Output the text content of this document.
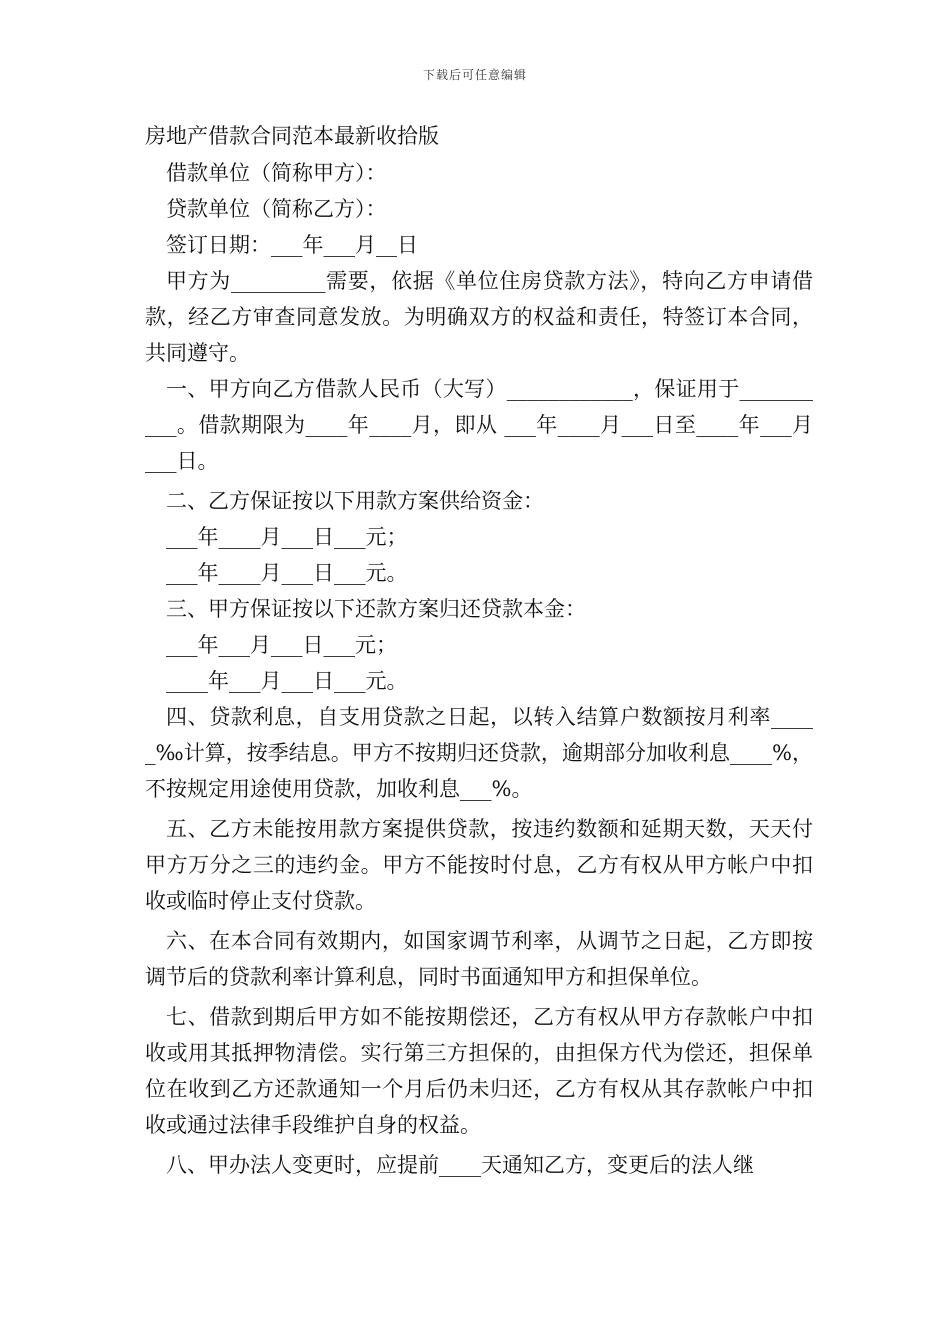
下载后可任意编辑

房地产借款合同范本最新收拾版

借款单位（简称甲方）：

贷款单位（简称乙方）：

签订日期：___年___月__日

甲方为_________需要，依据《单位住房贷款方法》，特向乙方申请借款，经乙方审查同意发放。为明确双方的权益和责任，特签订本合同，共同遵守。

一、甲方向乙方借款人民币（大写）____________，保证用于__________。借款期限为____年____月，即从 ___年____月___日至____年___月___日。

二、乙方保证按以下用款方案供给资金：

___年____月___日___元；

___年____月___日___元。

三、甲方保证按以下还款方案归还贷款本金：

___年___月___日___元；

____年___月___日___元。

四、贷款利息，自支用贷款之日起，以转入结算户数额按月利率_____‰计算，按季结息。甲方不按期归还贷款，逾期部分加收利息____%，不按规定用途使用贷款，加收利息___%。

五、乙方未能按用款方案提供贷款，按违约数额和延期天数，天天付甲方万分之三的违约金。甲方不能按时付息，乙方有权从甲方帐户中扣收或临时停止支付贷款。

六、在本合同有效期内，如国家调节利率，从调节之日起，乙方即按调节后的贷款利率计算利息，同时书面通知甲方和担保单位。

七、借款到期后甲方如不能按期偿还，乙方有权从甲方存款帐户中扣收或用其抵押物清偿。实行第三方担保的，由担保方代为偿还，担保单位在收到乙方还款通知一个月后仍未归还，乙方有权从其存款帐户中扣收或通过法律手段维护自身的权益。

八、甲办法人变更时，应提前____天通知乙方，变更后的法人继
